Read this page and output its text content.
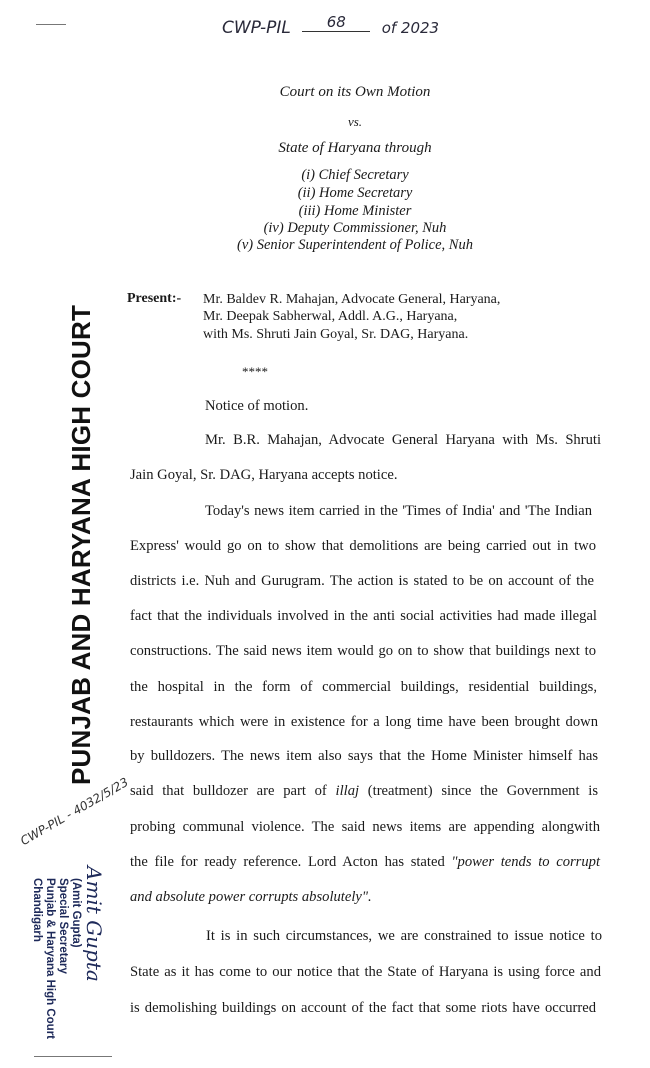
CWP-PIL 68 of 2023
Court on its Own Motion
vs.
State of Haryana through
(i) Chief Secretary
(ii) Home Secretary
(iii) Home Minister
(iv) Deputy Commissioner, Nuh
(v) Senior Superintendent of Police, Nuh
Present:- Mr. Baldev R. Mahajan, Advocate General, Haryana,
Mr. Deepak Sabherwal, Addl. A.G., Haryana,
with Ms. Shruti Jain Goyal, Sr. DAG, Haryana.
****
Notice of motion.
Mr. B.R. Mahajan, Advocate General Haryana with Ms. Shruti
Jain Goyal, Sr. DAG, Haryana accepts notice.
Today's news item carried in the 'Times of India' and 'The Indian
Express' would go on to show that demolitions are being carried out in two
districts i.e. Nuh and Gurugram. The action is stated to be on account of the
fact that the individuals involved in the anti social activities had made illegal
constructions. The said news item would go on to show that buildings next to
the hospital in the form of commercial buildings, residential buildings,
restaurants which were in existence for a long time have been brought down
by bulldozers. The news item also says that the Home Minister himself has
said that bulldozer are part of illaj (treatment) since the Government is
probing communal violence. The said news items are appending alongwith
the file for ready reference. Lord Acton has stated "power tends to corrupt
and absolute power corrupts absolutely".
It is in such circumstances, we are constrained to issue notice to
State as it has come to our notice that the State of Haryana is using force and
is demolishing buildings on account of the fact that some riots have occurred
PUNJAB AND HARYANA HIGH COURT
CWP-PIL - 4032/5/23
(Amit Gupta)
Special Secretary
Punjab & Haryana High Court
Chandigarh Amit Gupta
